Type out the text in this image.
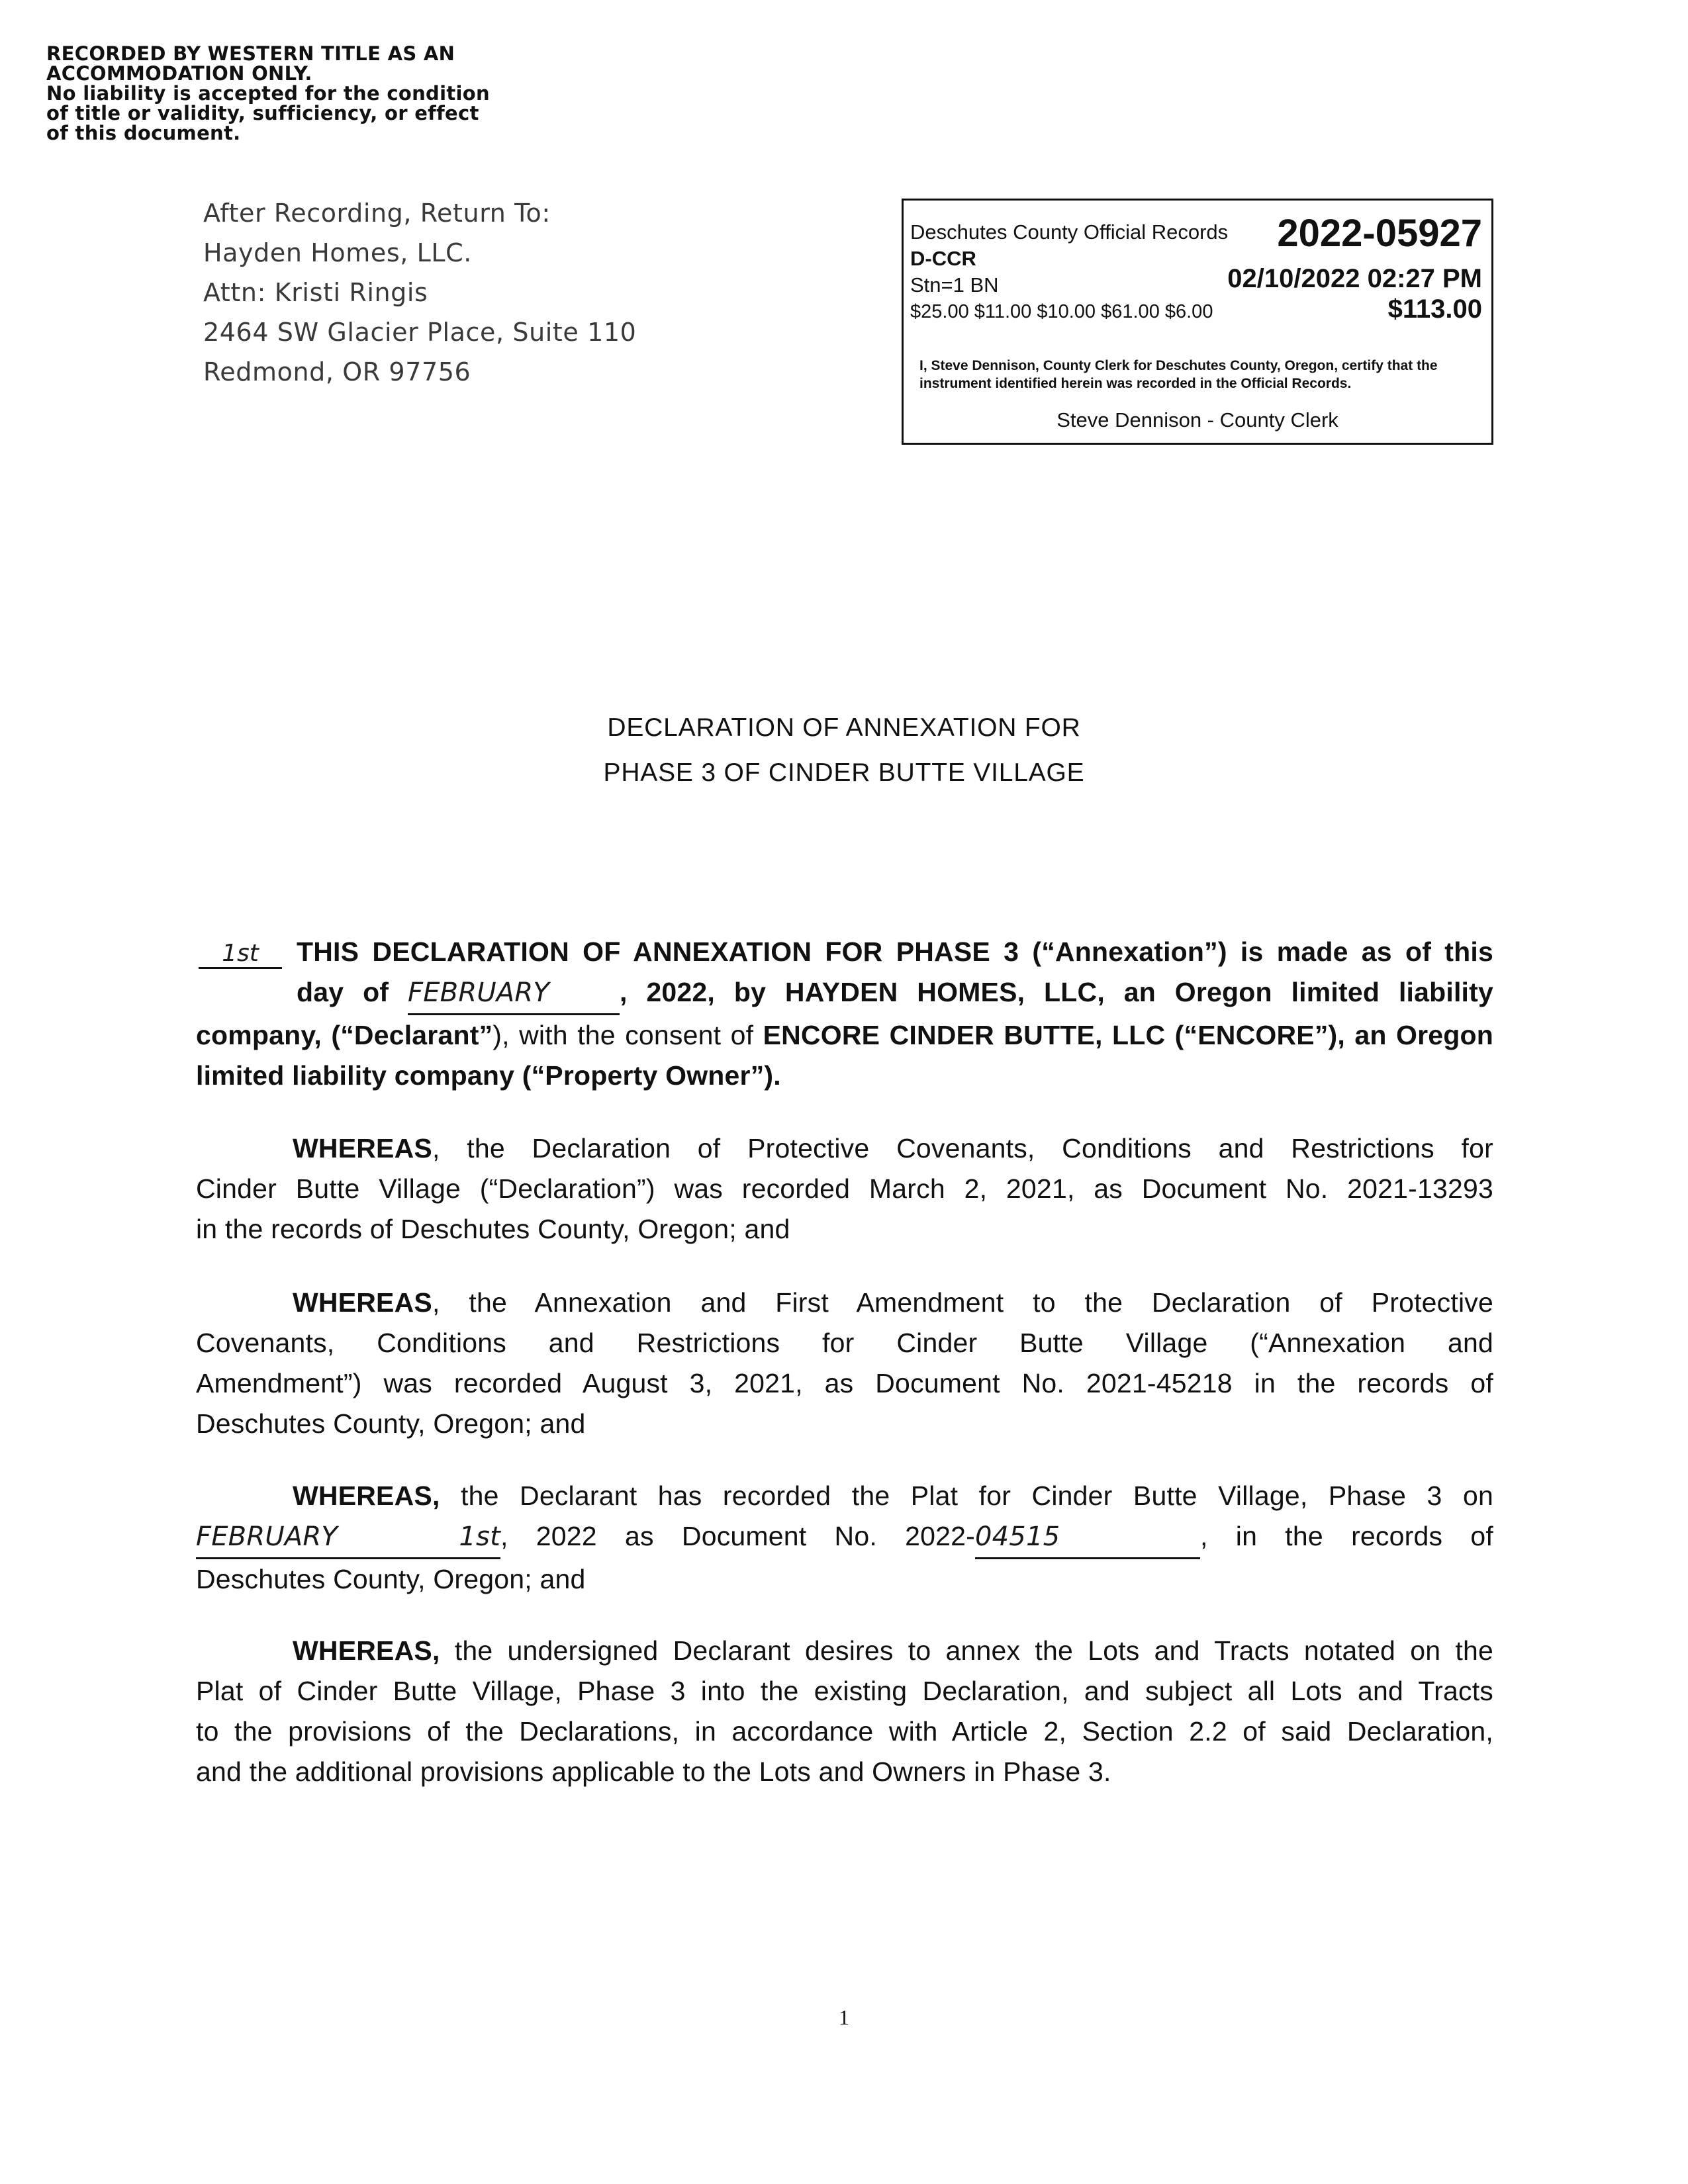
RECORDED BY WESTERN TITLE AS AN
ACCOMMODATION ONLY.
No liability is accepted for the condition
of title or validity, sufficiency, or effect
of this document.
After Recording, Return To:
Hayden Homes, LLC.
Attn: Kristi Ringis
2464 SW Glacier Place, Suite 110
Redmond, OR 97756
Deschutes County Official Records 2022-05927
D-CCR
Stn=1 BN	02/10/2022 02:27 PM
$25.00 $11.00 $10.00 $61.00 $6.00	$113.00
I, Steve Dennison, County Clerk for Deschutes County, Oregon, certify that the instrument identified herein was recorded in the Official Records.
Steve Dennison - County Clerk
DECLARATION OF ANNEXATION FOR
PHASE 3 OF CINDER BUTTE VILLAGE
1st	THIS DECLARATION OF ANNEXATION FOR PHASE 3 (“Annexation”) is made as of this
day of FEBRUARY	, 2022, by HAYDEN HOMES, LLC, an Oregon limited liability
company, (“Declarant”), with the consent of ENCORE CINDER BUTTE, LLC (“ENCORE”), an Oregon
limited liability company (“Property Owner”).
WHEREAS, the Declaration of Protective Covenants, Conditions and Restrictions for
Cinder Butte Village (“Declaration”) was recorded March 2, 2021, as Document No. 2021-13293
in the records of Deschutes County, Oregon; and
WHEREAS, the Annexation and First Amendment to the Declaration of Protective
Covenants, Conditions and Restrictions for Cinder Butte Village (“Annexation and
Amendment”) was recorded August 3, 2021, as Document No. 2021-45218 in the records of
Deschutes County, Oregon; and
WHEREAS, the Declarant has recorded the Plat for Cinder Butte Village, Phase 3 on
FEBRUARY 1st, 2022 as Document No. 2022-04515	, in the records of
Deschutes County, Oregon; and
WHEREAS, the undersigned Declarant desires to annex the Lots and Tracts notated on the
Plat of Cinder Butte Village, Phase 3 into the existing Declaration, and subject all Lots and Tracts
to the provisions of the Declarations, in accordance with Article 2, Section 2.2 of said Declaration,
and the additional provisions applicable to the Lots and Owners in Phase 3.
1
